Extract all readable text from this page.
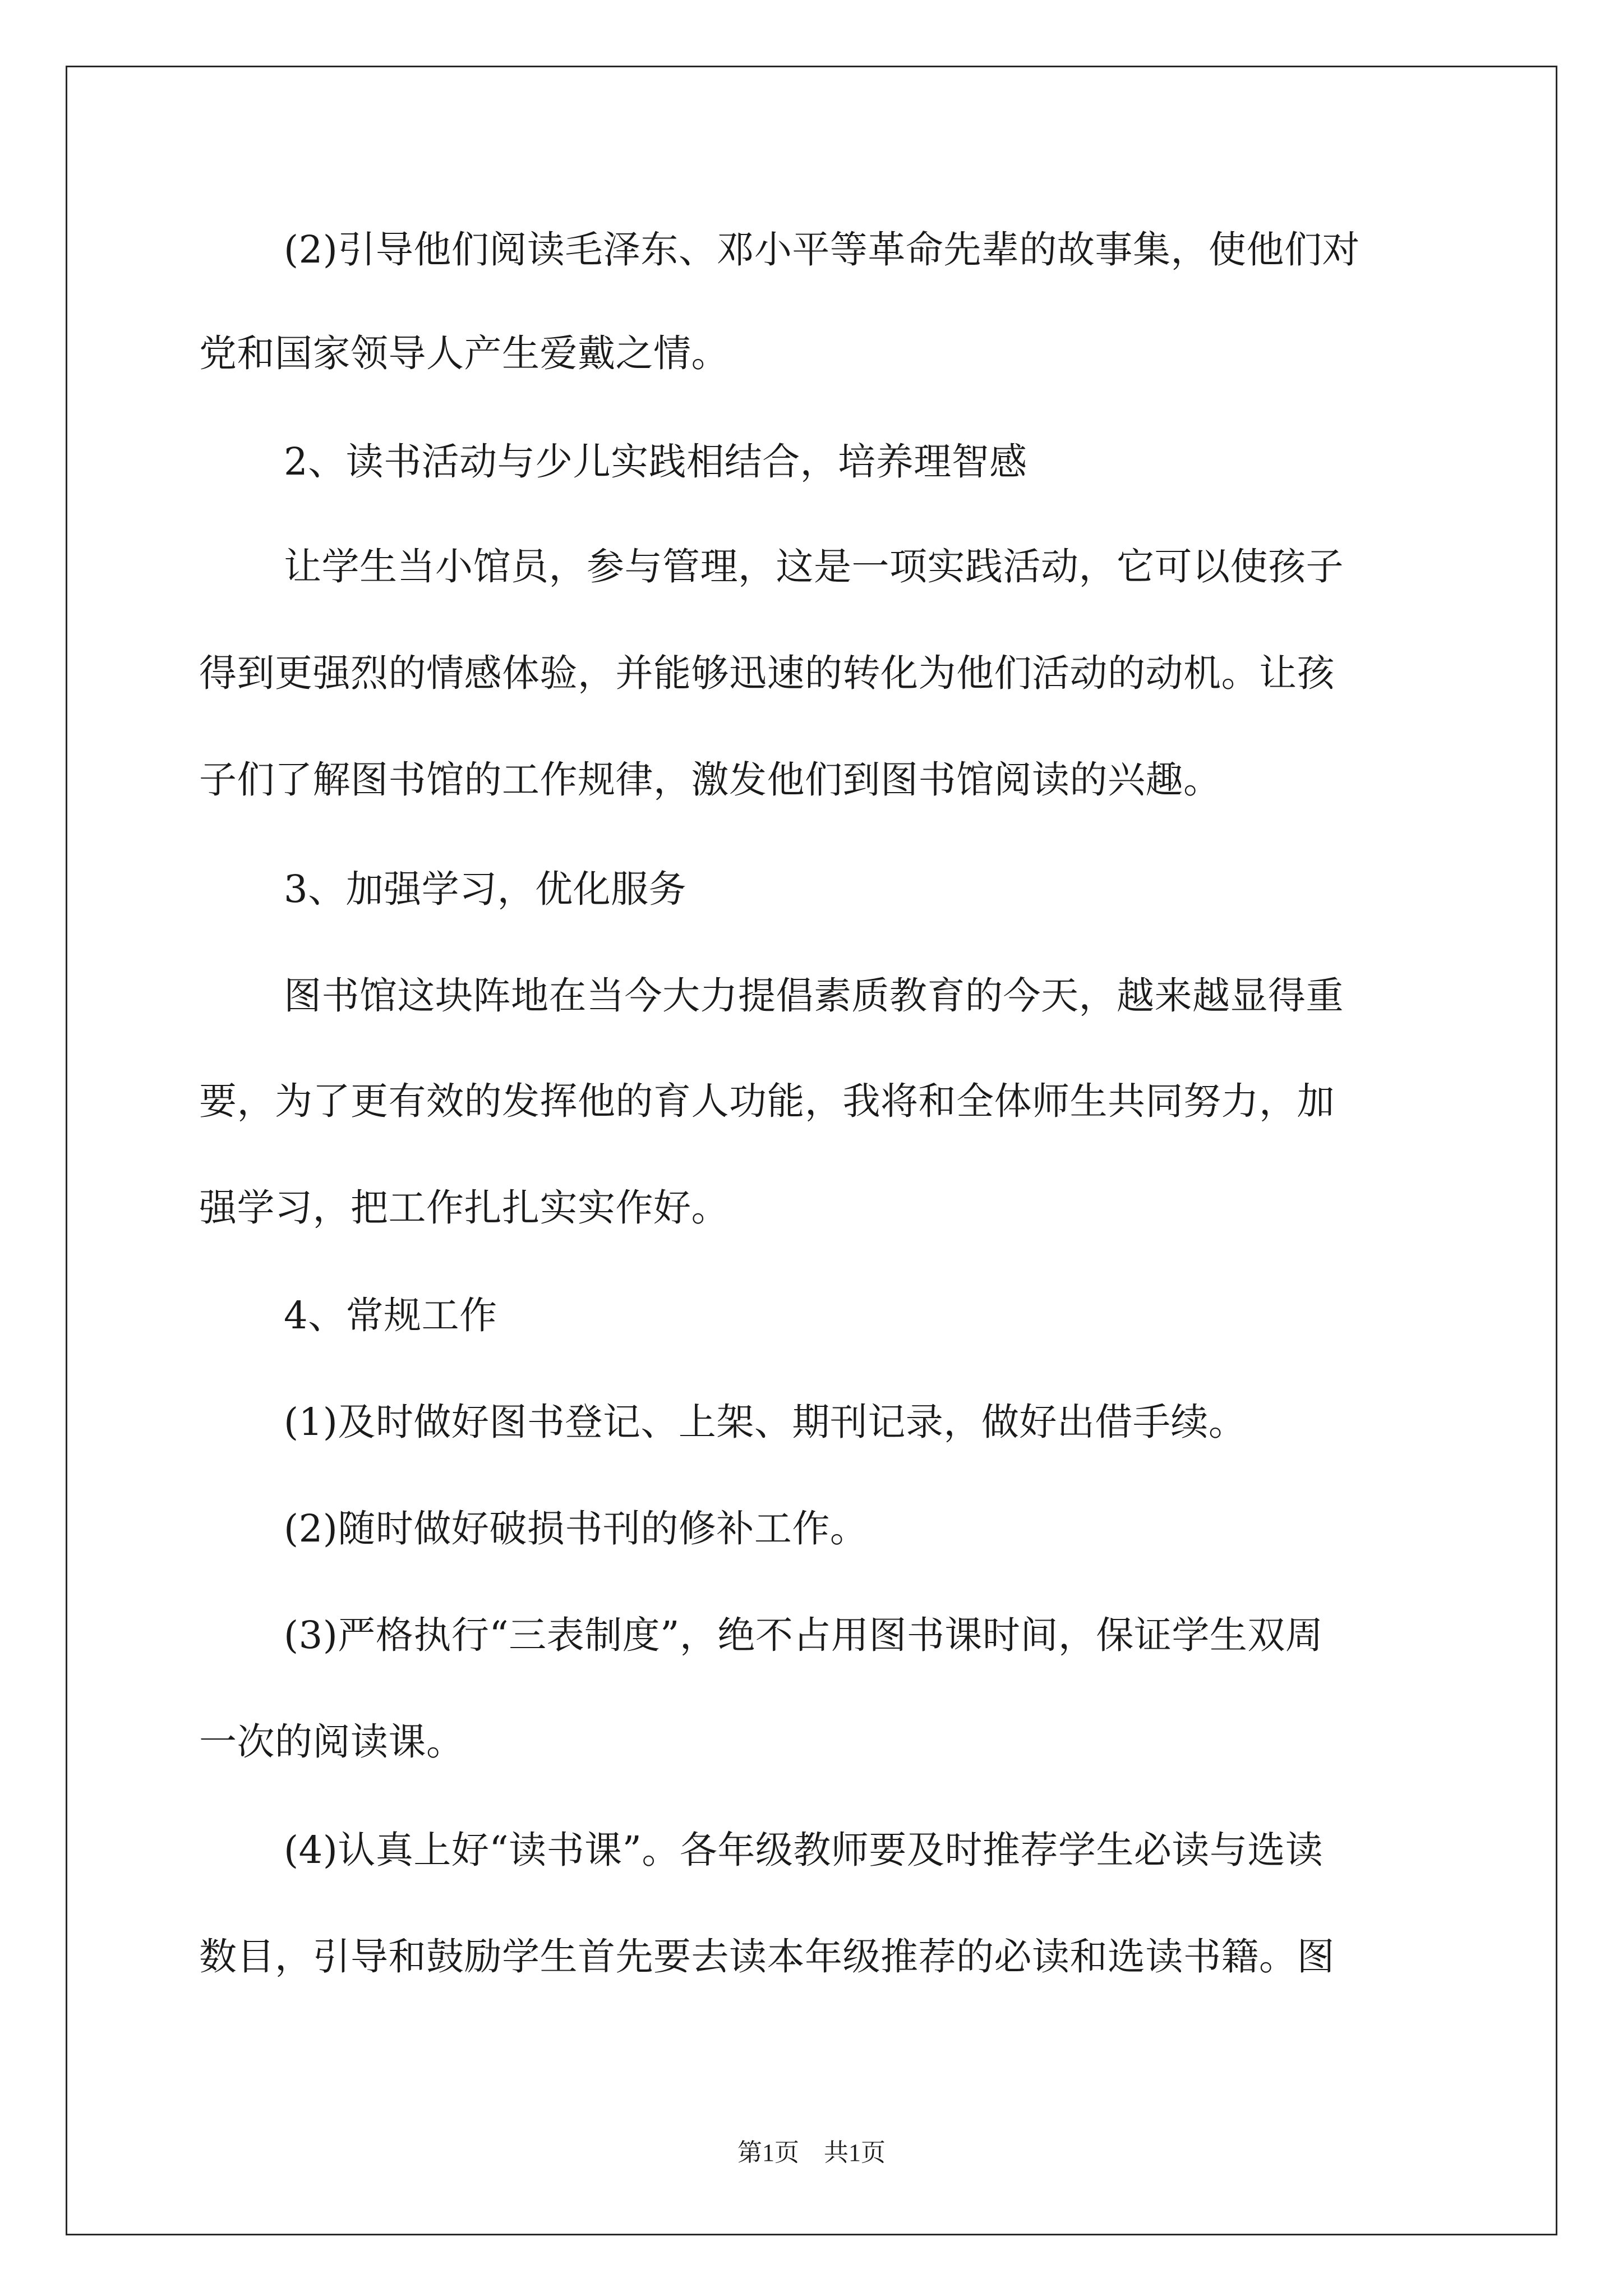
(2)引导他们阅读毛泽东、邓小平等革命先辈的故事集，使他们对
党和国家领导人产生爱戴之情。
2、读书活动与少儿实践相结合，培养理智感
让学生当小馆员，参与管理，这是一项实践活动，它可以使孩子
得到更强烈的情感体验，并能够迅速的转化为他们活动的动机。让孩
子们了解图书馆的工作规律，激发他们到图书馆阅读的兴趣。
3、加强学习，优化服务
图书馆这块阵地在当今大力提倡素质教育的今天，越来越显得重
要，为了更有效的发挥他的育人功能，我将和全体师生共同努力，加
强学习，把工作扎扎实实作好。
4、常规工作
(1)及时做好图书登记、上架、期刊记录，做好出借手续。
(2)随时做好破损书刊的修补工作。
(3)严格执行“三表制度”，绝不占用图书课时间，保证学生双周
一次的阅读课。
(4)认真上好“读书课”。各年级教师要及时推荐学生必读与选读
数目，引导和鼓励学生首先要去读本年级推荐的必读和选读书籍。图
第1页　共1页
